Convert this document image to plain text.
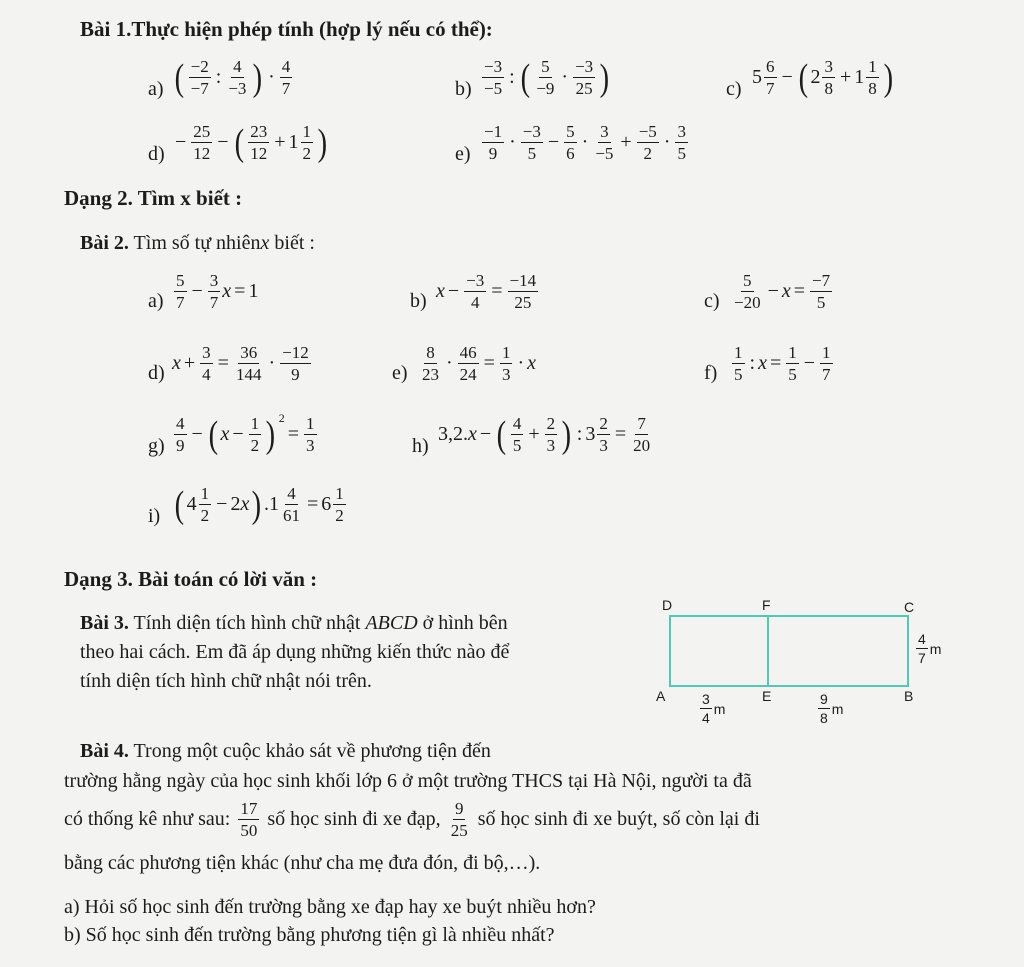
Bài 1.Thực hiện phép tính (hợp lý nếu có thể):
a) ( −2
−7
: 4
−3 ) · 4
7	b)
−3
−5
: ( 5
−9
· −3
25 )	c)
5 6
7
− ( 2 3
8
+ 1 1
8 )
d)
− $\frac{25}{12}$ − ( 23
12
+ 1 1
2 )	e)
−1
9
· −3
5
− $\frac{5}{6} \cdot 3$
−5
+ $\frac{-5}{2} \cdot 3$
5
Dạng 2. Tìm x biết :
Bài 2. Tìm số tự nhiênx biết :
a)
5
7
− $\frac{3}{7}$ x = 1	b) $x - \frac{-3}{4} = \frac{-14}{25}$	c)
5
−20
− $x = \frac{-7}{5}$
d) $x + \frac{3}{4} = \frac{36}{144} \cdot -12$
9	e)
8
23
· $\frac{46}{24} = \frac{1}{3} \cdot x$	f)
1
5
: $x = \frac{1}{5} - \frac{1}{7}$
g)
4
9
− ( $x - \frac{1}{2}$ ) 2
= $\frac{1}{3}$	h)
3,2. x − ( 4
5
+ $\frac{2}{3}$ ) : $3 \frac{2}{3} = \frac{7}{20}$
i) ( 4 1
2
− 2 x ) $.1 \frac{4}{61} = 6$ 1
2
Dạng 3. Bài toán có lời văn :
Bài 3. Tính diện tích hình chữ nhật ABCD ở hình bên
theo hai cách. Em đã áp dụng những kiến thức nào để
tính diện tích hình chữ nhật nói trên.
D	F	C
A	E	B
4
7
m
3
4
m
9
8
m
Bài 4. Trong một cuộc khảo sát về phương tiện đến
trường hằng ngày của học sinh khối lớp 6 ở một trường THCS tại Hà Nội, người ta đã
có thống kê như sau: 17
50
số học sinh đi xe đạp, 9
25
số học sinh đi xe buýt, số còn lại đi
bằng các phương tiện khác (như cha mẹ đưa đón, đi bộ,…).
a) Hỏi số học sinh đến trường bằng xe đạp hay xe buýt nhiều hơn?
b) Số học sinh đến trường bằng phương tiện gì là nhiều nhất?
